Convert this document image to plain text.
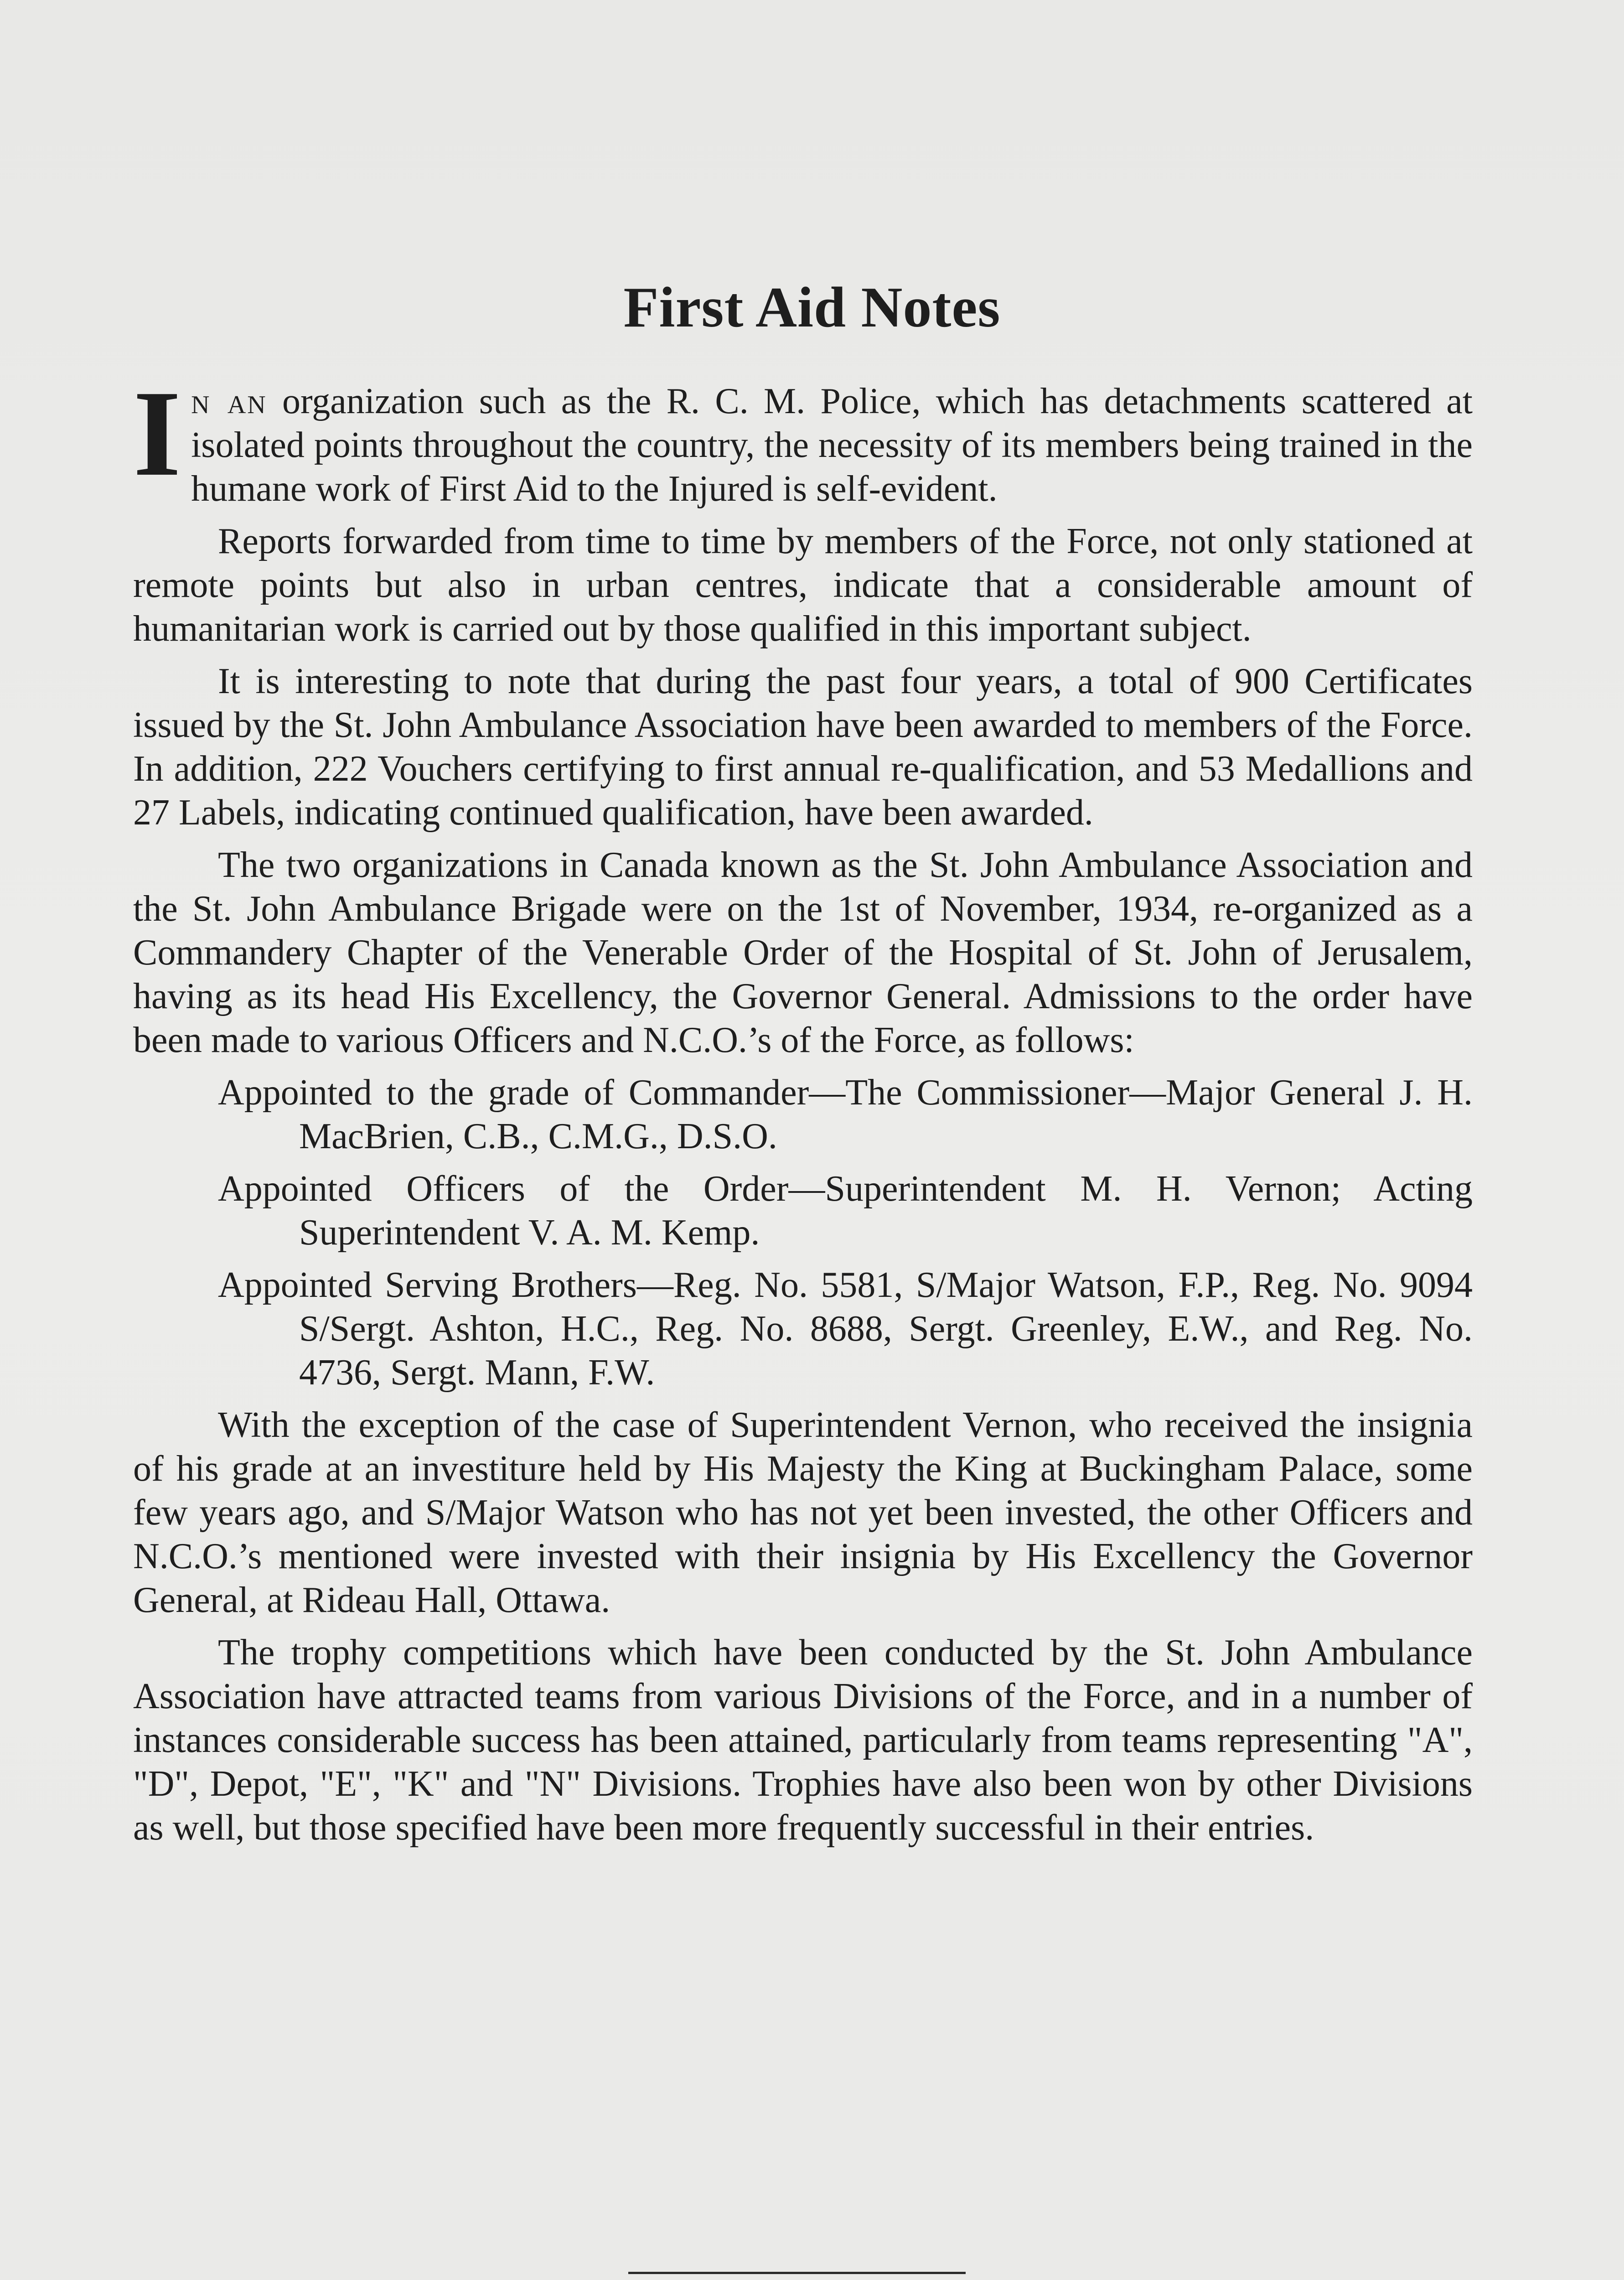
First Aid Notes

In an organization such as the R. C. M. Police, which has detachments scattered at isolated points throughout the country, the necessity of its members being trained in the humane work of First Aid to the Injured is self-evident.

Reports forwarded from time to time by members of the Force, not only stationed at remote points but also in urban centres, indicate that a considerable amount of humanitarian work is carried out by those qualified in this important subject.

It is interesting to note that during the past four years, a total of 900 Certificates issued by the St. John Ambulance Association have been awarded to members of the Force. In addition, 222 Vouchers certifying to first annual re-qualification, and 53 Medallions and 27 Labels, indicating continued qualification, have been awarded.

The two organizations in Canada known as the St. John Ambulance Association and the St. John Ambulance Brigade were on the 1st of November, 1934, re-organized as a Commandery Chapter of the Venerable Order of the Hospital of St. John of Jerusalem, having as its head His Excellency, the Governor General. Admissions to the order have been made to various Officers and N.C.O.’s of the Force, as follows:

Appointed to the grade of Commander—The Commissioner—Major General J. H. MacBrien, C.B., C.M.G., D.S.O.

Appointed Officers of the Order—Superintendent M. H. Vernon; Acting Superintendent V. A. M. Kemp.

Appointed Serving Brothers—Reg. No. 5581, S/Major Watson, F.P., Reg. No. 9094 S/Sergt. Ashton, H.C., Reg. No. 8688, Sergt. Greenley, E.W., and Reg. No. 4736, Sergt. Mann, F.W.

With the exception of the case of Superintendent Vernon, who received the insignia of his grade at an investiture held by His Majesty the King at Buckingham Palace, some few years ago, and S/Major Watson who has not yet been invested, the other Officers and N.C.O.’s mentioned were invested with their insignia by His Excellency the Governor General, at Rideau Hall, Ottawa.

The trophy competitions which have been conducted by the St. John Ambulance Association have attracted teams from various Divisions of the Force, and in a number of instances considerable success has been attained, particularly from teams representing "A", "D", Depot, "E", "K" and "N" Divisions. Trophies have also been won by other Divisions as well, but those specified have been more frequently successful in their entries.
